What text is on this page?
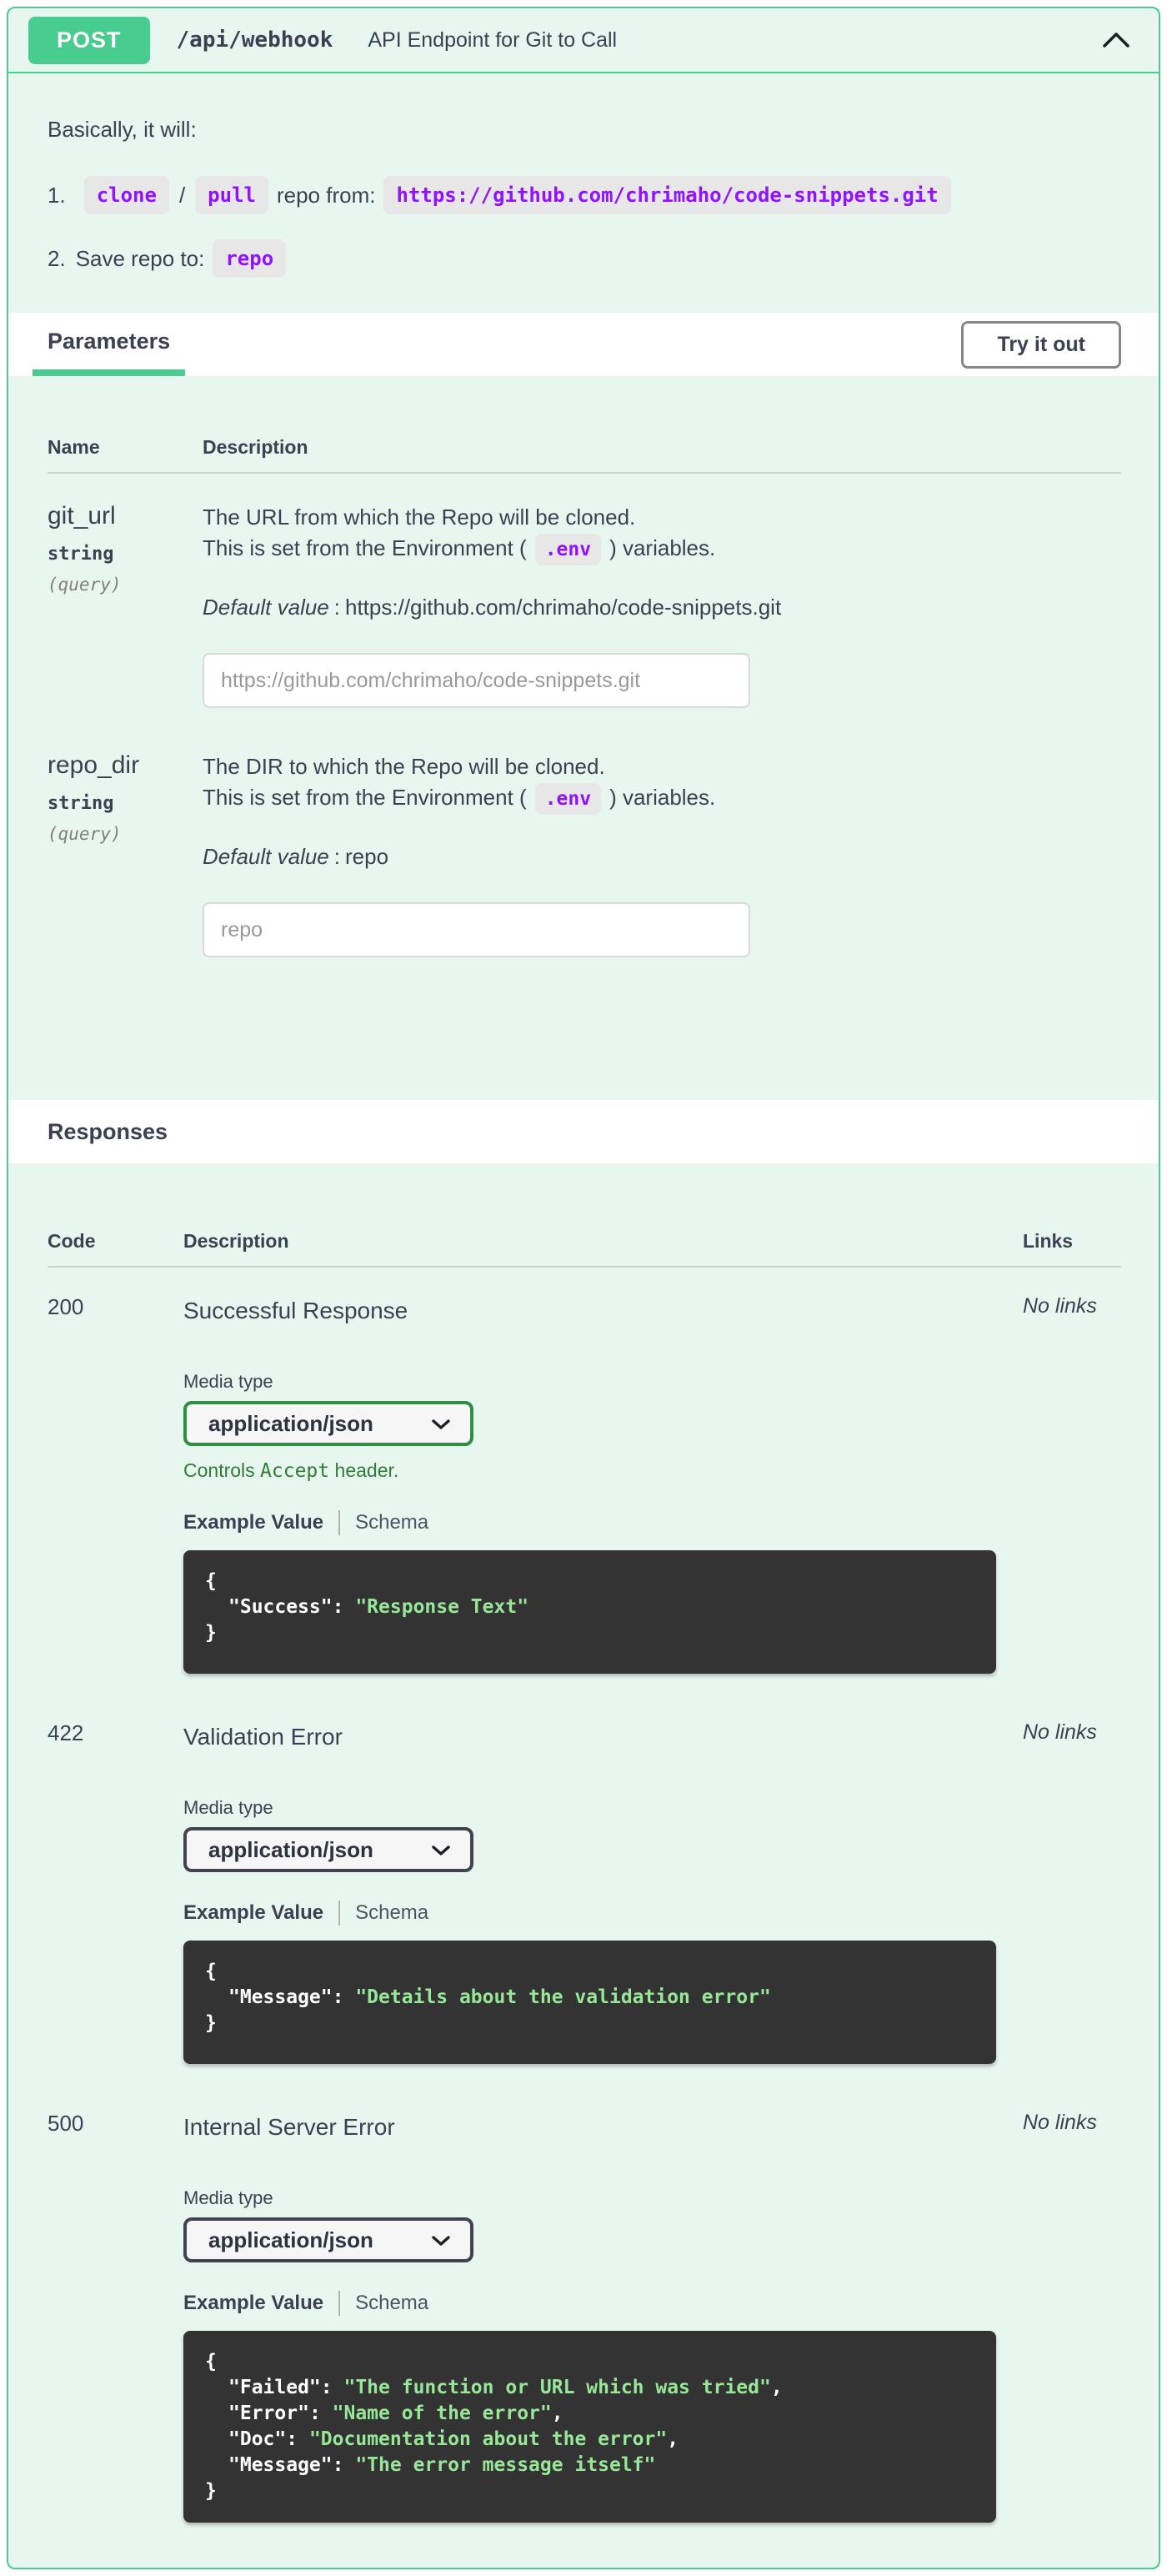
POST	/api/webhook API Endpoint for Git to Call

Basically, it will:

1.	clone	/	pull repo from:	https://github.com/chrimaho/code-snippets.git
2. Save repo to:	repo
Parameters	Try it out
Name	Description
git_url
string
(query)
The URL from which the Repo will be cloned.
This is set from the Environment ( .env ) variables.
Default value : https://github.com/chrimaho/code-snippets.git
https://github.com/chrimaho/code-snippets.git
repo_dir
string
(query)
The DIR to which the Repo will be cloned.
This is set from the Environment ( .env ) variables.
Default value : repo
repo
Responses
Code	Description	Links
200	Successful Response
Media type
application/json
Controls Accept header.
Example Value Schema
{
"Success": "Response Text"
}
No links
422	Validation Error
Media type
application/json
Example Value Schema
{
"Message": "Details about the validation error"
}
No links
500	Internal Server Error
Media type
application/json
Example Value Schema
{
"Failed": "The function or URL which was tried",
"Error": "Name of the error",
"Doc": "Documentation about the error",
"Message": "The error message itself"
}
No links
